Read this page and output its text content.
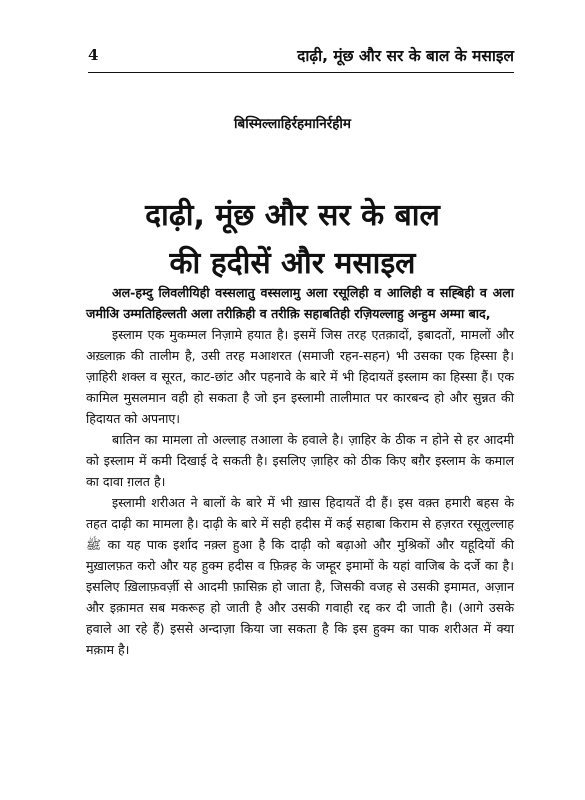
4	दाढ़ी, मूंछ और सर के बाल के मसाइल
बिस्मिल्लाहिर्रहमानिर्रहीम
दाढ़ी, मूंछ और सर के बाल
की हदीसें और मसाइल

अल-हम्दु लिवलीयिही वस्सलातु वस्सलामु अला रसूलिही व आलिही व सह्बिही व अला जमीअि उम्मतिहिल्लती अला तरीक़िही व तरीक़ि सहाबतिही रज़ियल्लाहु अन्हुम अम्मा बाद,

इस्लाम एक मुकम्मल निज़ामे हयात है। इसमें जिस तरह एतक़ादों, इबादतों, मामलों और अख़्लाक़ की तालीम है, उसी तरह मआशरत (समाजी रहन-सहन) भी उसका एक हिस्सा है। ज़ाहिरी शक्ल व सूरत, काट-छांट और पहनावे के बारे में भी हिदायतें इस्लाम का हिस्सा हैं। एक कामिल मुसलमान वही हो सकता है जो इन इस्लामी तालीमात पर कारबन्द हो और सुन्नत की हिदायत को अपनाए।

बातिन का मामला तो अल्लाह तआला के हवाले है। ज़ाहिर के ठीक न होने से हर आदमी को इस्लाम में कमी दिखाई दे सकती है। इसलिए ज़ाहिर को ठीक किए बग़ैर इस्लाम के कमाल का दावा ग़लत है।

इस्लामी शरीअत ने बालों के बारे में भी ख़ास हिदायतें दी हैं। इस वक़्त हमारी बहस के तहत दाढ़ी का मामला है। दाढ़ी के बारे में सही हदीस में कई सहाबा किराम से हज़रत रसूलुल्लाह ﷺ का यह पाक इर्शाद नक़्ल हुआ है कि दाढ़ी को बढ़ाओ और मुश्रिकों और यहूदियों की मुख़ालफ़त करो और यह हुक्म हदीस व फ़िक़्ह के जम्हूर इमामों के यहां वाजिब के दर्जे का है। इसलिए ख़िलाफ़वर्ज़ी से आदमी फ़ासिक़ हो जाता है, जिसकी वजह से उसकी इमामत, अज़ान और इक़ामत सब मकरूह हो जाती है और उसकी गवाही रद्द कर दी जाती है। (आगे उसके हवाले आ रहे हैं) इससे अन्दाज़ा किया जा सकता है कि इस हुक्म का पाक शरीअत में क्या मक़ाम है।
